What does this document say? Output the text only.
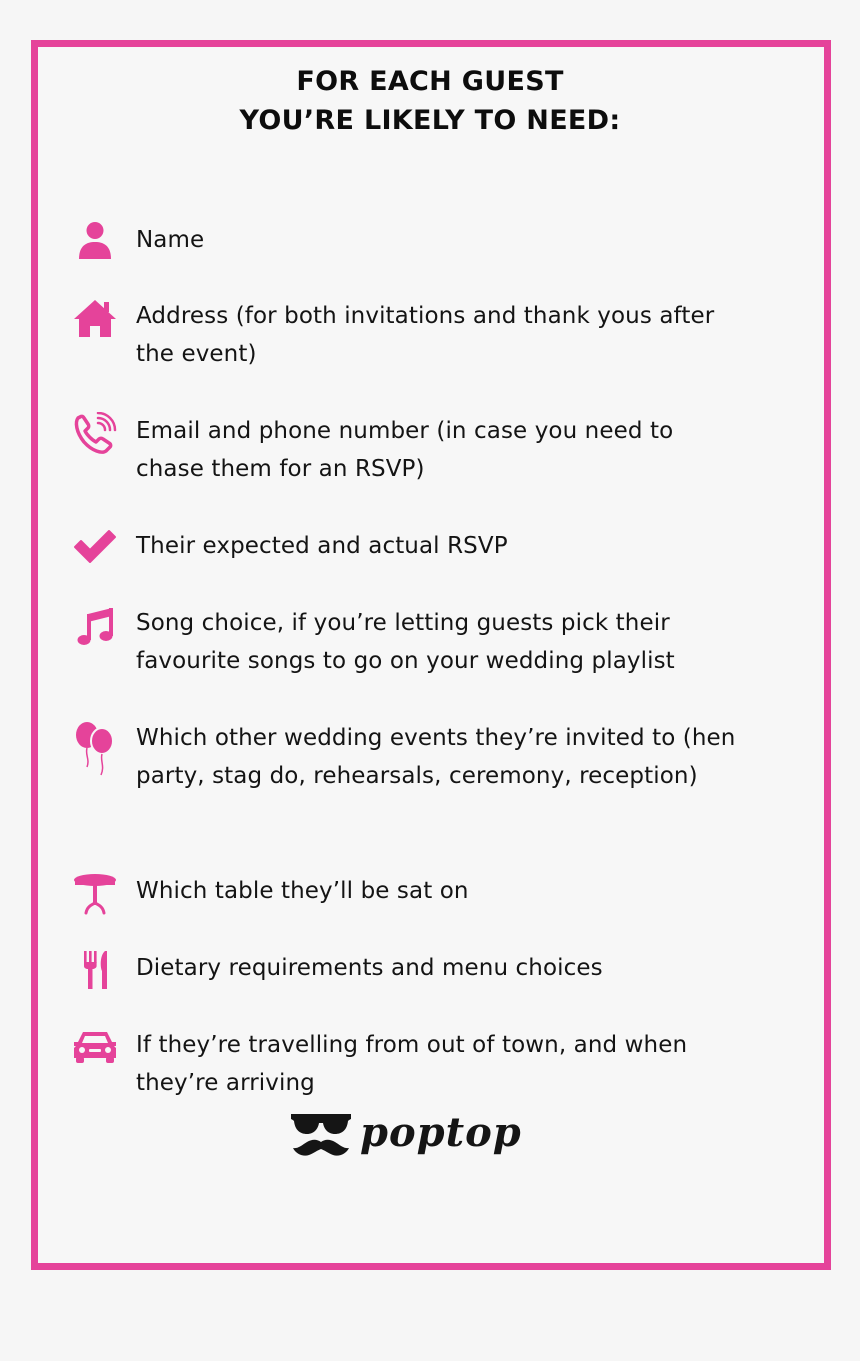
FOR EACH GUEST
YOU’RE LIKELY TO NEED:
Name
Address (for both invitations and thank yous after the event)
Email and phone number (in case you need to chase them for an RSVP)
Their expected and actual RSVP
Song choice, if you’re letting guests pick their favourite songs to go on your wedding playlist
Which other wedding events they’re invited to (hen party, stag do, rehearsals, ceremony, reception)
Which table they’ll be sat on
Dietary requirements and menu choices
If they’re travelling from out of town, and when they’re arriving
poptop
